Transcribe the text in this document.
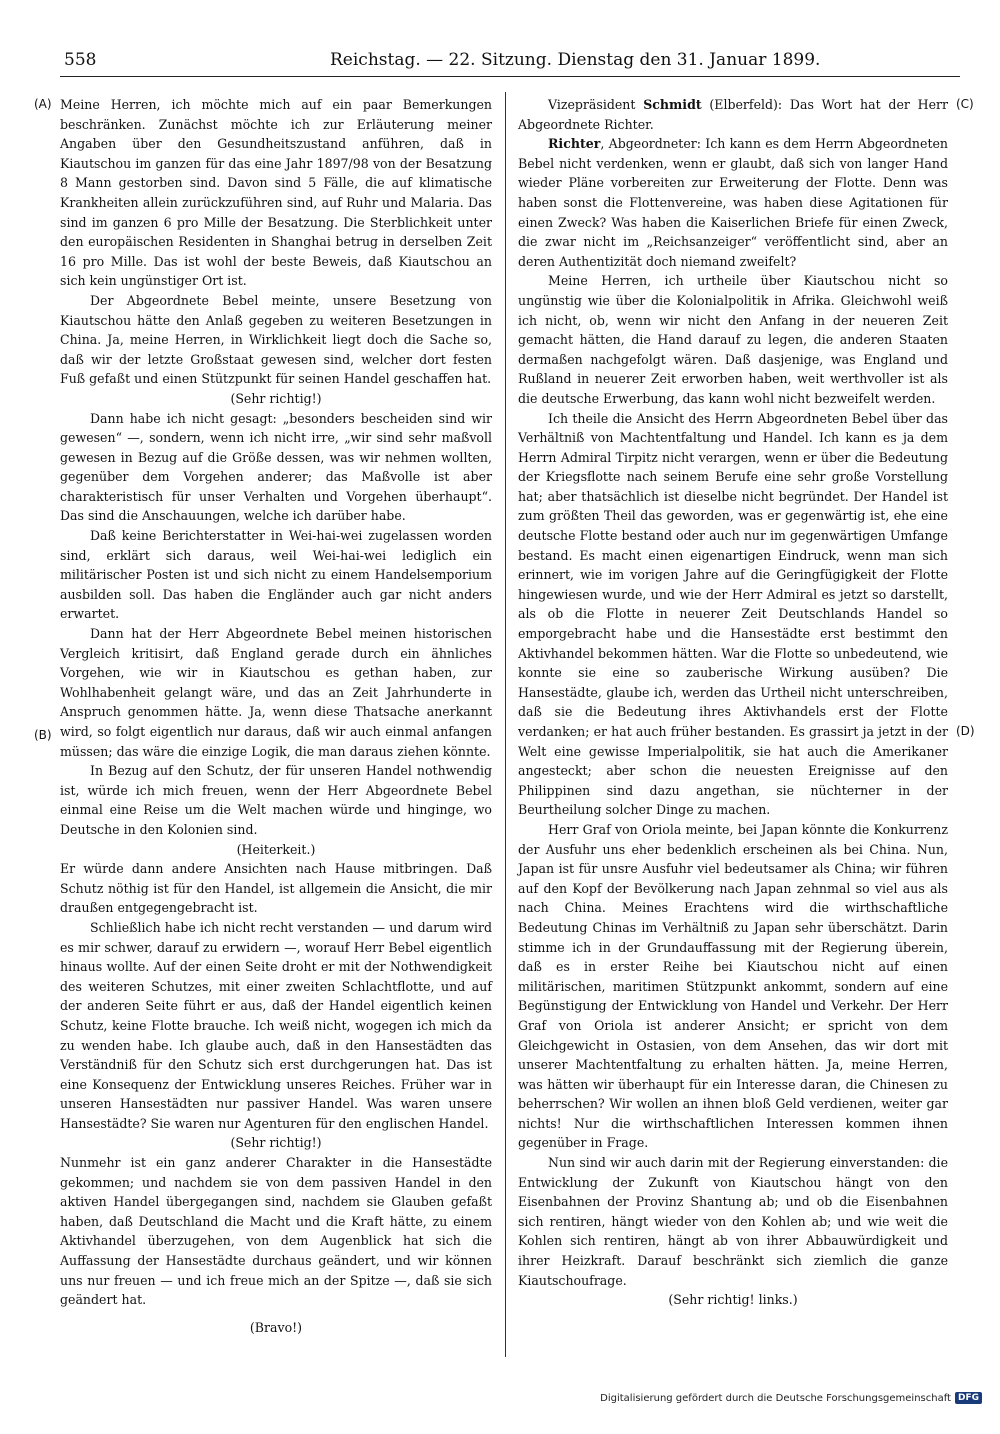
558	Reichstag. — 22. Sitzung. Dienstag den 31. Januar 1899.
(A)
(B)
(C)
(D)

Meine Herren, ich möchte mich auf ein paar Bemerkungen beschränken. Zunächst möchte ich zur Erläuterung meiner Angaben über den Gesundheitszustand anführen, daß in Kiautschou im ganzen für das eine Jahr 1897/98 von der Besatzung 8 Mann gestorben sind. Davon sind 5 Fälle, die auf klimatische Krankheiten allein zurückzuführen sind, auf Ruhr und Malaria. Das sind im ganzen 6 pro Mille der Besatzung. Die Sterblichkeit unter den europäischen Residenten in Shanghai betrug in derselben Zeit 16 pro Mille. Das ist wohl der beste Beweis, daß Kiautschou an sich kein ungünstiger Ort ist.

Der Abgeordnete Bebel meinte, unsere Besetzung von Kiautschou hätte den Anlaß gegeben zu weiteren Besetzungen in China. Ja, meine Herren, in Wirklichkeit liegt doch die Sache so, daß wir der letzte Großstaat gewesen sind, welcher dort festen Fuß gefaßt und einen Stützpunkt für seinen Handel geschaffen hat.

(Sehr richtig!)

Dann habe ich nicht gesagt: „besonders bescheiden sind wir gewesen“ —, sondern, wenn ich nicht irre, „wir sind sehr maßvoll gewesen in Bezug auf die Größe dessen, was wir nehmen wollten, gegenüber dem Vorgehen anderer; das Maßvolle ist aber charakteristisch für unser Verhalten und Vorgehen überhaupt“. Das sind die Anschauungen, welche ich darüber habe.

Daß keine Berichterstatter in Wei-hai-wei zugelassen worden sind, erklärt sich daraus, weil Wei-hai-wei lediglich ein militärischer Posten ist und sich nicht zu einem Handelsemporium ausbilden soll. Das haben die Engländer auch gar nicht anders erwartet.

Dann hat der Herr Abgeordnete Bebel meinen historischen Vergleich kritisirt, daß England gerade durch ein ähnliches Vorgehen, wie wir in Kiautschou es gethan haben, zur Wohlhabenheit gelangt wäre, und das an Zeit Jahrhunderte in Anspruch genommen hätte. Ja, wenn diese Thatsache anerkannt wird, so folgt eigentlich nur daraus, daß wir auch einmal anfangen müssen; das wäre die einzige Logik, die man daraus ziehen könnte.

In Bezug auf den Schutz, der für unseren Handel nothwendig ist, würde ich mich freuen, wenn der Herr Abgeordnete Bebel einmal eine Reise um die Welt machen würde und hinginge, wo Deutsche in den Kolonien sind.

(Heiterkeit.)

Er würde dann andere Ansichten nach Hause mitbringen. Daß Schutz nöthig ist für den Handel, ist allgemein die Ansicht, die mir draußen entgegengebracht ist.

Schließlich habe ich nicht recht verstanden — und darum wird es mir schwer, darauf zu erwidern —, worauf Herr Bebel eigentlich hinaus wollte. Auf der einen Seite droht er mit der Nothwendigkeit des weiteren Schutzes, mit einer zweiten Schlachtflotte, und auf der anderen Seite führt er aus, daß der Handel eigentlich keinen Schutz, keine Flotte brauche. Ich weiß nicht, wogegen ich mich da zu wenden habe. Ich glaube auch, daß in den Hansestädten das Verständniß für den Schutz sich erst durchgerungen hat. Das ist eine Konsequenz der Entwicklung unseres Reiches. Früher war in unseren Hansestädten nur passiver Handel. Was waren unsere Hansestädte? Sie waren nur Agenturen für den englischen Handel.

(Sehr richtig!)

Nunmehr ist ein ganz anderer Charakter in die Hansestädte gekommen; und nachdem sie von dem passiven Handel in den aktiven Handel übergegangen sind, nachdem sie Glauben gefaßt haben, daß Deutschland die Macht und die Kraft hätte, zu einem Aktivhandel überzugehen, von dem Augenblick hat sich die Auffassung der Hansestädte durchaus geändert, und wir können uns nur freuen — und ich freue mich an der Spitze —, daß sie sich geändert hat.

(Bravo!)

Vizepräsident Schmidt (Elberfeld): Das Wort hat der Herr Abgeordnete Richter.

Richter, Abgeordneter: Ich kann es dem Herrn Abgeordneten Bebel nicht verdenken, wenn er glaubt, daß sich von langer Hand wieder Pläne vorbereiten zur Erweiterung der Flotte. Denn was haben sonst die Flottenvereine, was haben diese Agitationen für einen Zweck? Was haben die Kaiserlichen Briefe für einen Zweck, die zwar nicht im „Reichsanzeiger“ veröffentlicht sind, aber an deren Authentizität doch niemand zweifelt?

Meine Herren, ich urtheile über Kiautschou nicht so ungünstig wie über die Kolonialpolitik in Afrika. Gleichwohl weiß ich nicht, ob, wenn wir nicht den Anfang in der neueren Zeit gemacht hätten, die Hand darauf zu legen, die anderen Staaten dermaßen nachgefolgt wären. Daß dasjenige, was England und Rußland in neuerer Zeit erworben haben, weit werthvoller ist als die deutsche Erwerbung, das kann wohl nicht bezweifelt werden.

Ich theile die Ansicht des Herrn Abgeordneten Bebel über das Verhältniß von Machtentfaltung und Handel. Ich kann es ja dem Herrn Admiral Tirpitz nicht verargen, wenn er über die Bedeutung der Kriegsflotte nach seinem Berufe eine sehr große Vorstellung hat; aber thatsächlich ist dieselbe nicht begründet. Der Handel ist zum größten Theil das geworden, was er gegenwärtig ist, ehe eine deutsche Flotte bestand oder auch nur im gegenwärtigen Umfange bestand. Es macht einen eigenartigen Eindruck, wenn man sich erinnert, wie im vorigen Jahre auf die Geringfügigkeit der Flotte hingewiesen wurde, und wie der Herr Admiral es jetzt so darstellt, als ob die Flotte in neuerer Zeit Deutschlands Handel so emporgebracht habe und die Hansestädte erst bestimmt den Aktivhandel bekommen hätten. War die Flotte so unbedeutend, wie konnte sie eine so zauberische Wirkung ausüben? Die Hansestädte, glaube ich, werden das Urtheil nicht unterschreiben, daß sie die Bedeutung ihres Aktivhandels erst der Flotte verdanken; er hat auch früher bestanden. Es grassirt ja jetzt in der Welt eine gewisse Imperialpolitik, sie hat auch die Amerikaner angesteckt; aber schon die neuesten Ereignisse auf den Philippinen sind dazu angethan, sie nüchterner in der Beurtheilung solcher Dinge zu machen.

Herr Graf von Oriola meinte, bei Japan könnte die Konkurrenz der Ausfuhr uns eher bedenklich erscheinen als bei China. Nun, Japan ist für unsre Ausfuhr viel bedeutsamer als China; wir führen auf den Kopf der Bevölkerung nach Japan zehnmal so viel aus als nach China. Meines Erachtens wird die wirthschaftliche Bedeutung Chinas im Verhältniß zu Japan sehr überschätzt. Darin stimme ich in der Grundauffassung mit der Regierung überein, daß es in erster Reihe bei Kiautschou nicht auf einen militärischen, maritimen Stützpunkt ankommt, sondern auf eine Begünstigung der Entwicklung von Handel und Verkehr. Der Herr Graf von Oriola ist anderer Ansicht; er spricht von dem Gleichgewicht in Ostasien, von dem Ansehen, das wir dort mit unserer Machtentfaltung zu erhalten hätten. Ja, meine Herren, was hätten wir überhaupt für ein Interesse daran, die Chinesen zu beherrschen? Wir wollen an ihnen bloß Geld verdienen, weiter gar nichts! Nur die wirthschaftlichen Interessen kommen ihnen gegenüber in Frage.

Nun sind wir auch darin mit der Regierung einverstanden: die Entwicklung der Zukunft von Kiautschou hängt von den Eisenbahnen der Provinz Shantung ab; und ob die Eisenbahnen sich rentiren, hängt wieder von den Kohlen ab; und wie weit die Kohlen sich rentiren, hängt ab von ihrer Abbauwürdigkeit und ihrer Heizkraft. Darauf beschränkt sich ziemlich die ganze Kiautschoufrage.

(Sehr richtig! links.)

Digitalisierung gefördert durch die Deutsche Forschungsgemeinschaft DFG
